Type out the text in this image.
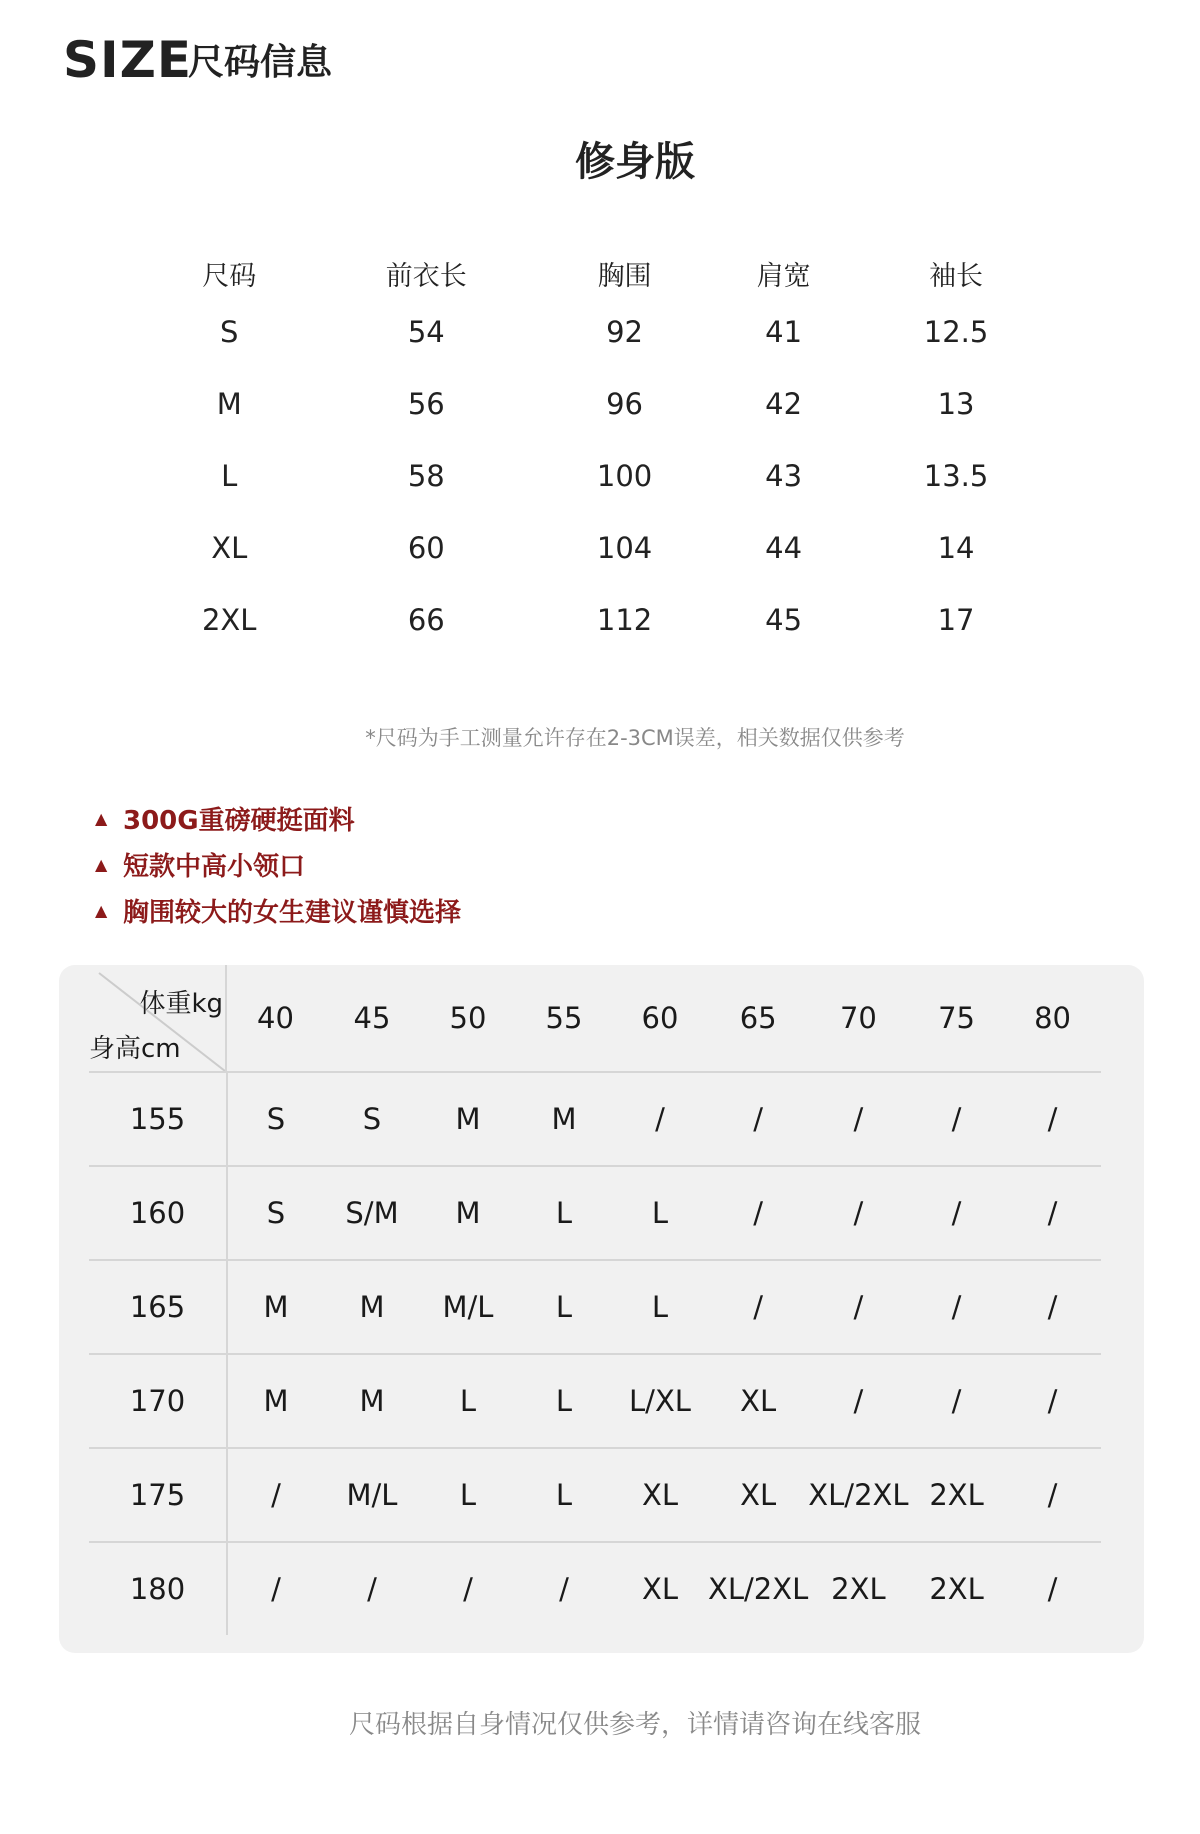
SIZE
尺码信息
修身版
尺码	前衣长	胸围	肩宽	袖长
S	54	92	41	12.5
M	56	96	42	13
L	58	100	43	13.5
XL	60	104	44	14
2XL	66	112	45	17
*尺码为手工测量允许存在2-3CM误差，相关数据仅供参考
▲ 300G重磅硬挺面料
▲ 短款中高小领口
▲ 胸围较大的女生建议谨慎选择
体重kg
身高cm	40	45	50	55	60	65	70	75	80
155	S	S	M	M	/	/	/	/	/
160	S	S/M	M	L	L	/	/	/	/
165	M	M	M/L	L	L	/	/	/	/
170	M	M	L	L	L/XL	XL	/	/	/
175	/	M/L	L	L	XL	XL	XL/2XL	2XL	/
180	/	/	/	/	XL	XL/2XL	2XL	2XL	/
尺码根据自身情况仅供参考，详情请咨询在线客服
